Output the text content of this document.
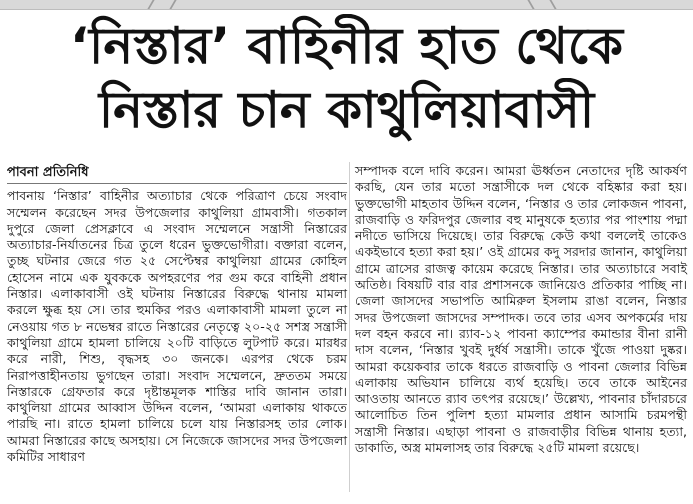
‘নিস্তার’ বাহিনীর হাত থেকে
নিস্তার চান কাথুলিয়াবাসী
পাবনা প্রতিনিধি

পাবনায় ‘নিস্তার’ বাহিনীর অত্যাচার থেকে পরিত্রাণ চেয়ে সংবাদ সম্মেলন করেছেন সদর উপজেলার কাথুলিয়া গ্রামবাসী। গতকাল দুপুরে জেলা প্রেসক্লাবে এ সংবাদ সম্মেলনে সন্ত্রাসী নিস্তারের অত্যাচার-নির্যাতনের চিত্র তুলে ধরেন ভুক্তভোগীরা। বক্তারা বলেন, তুচ্ছ ঘটনার জেরে গত ২৫ সেপ্টেম্বর কাথুলিয়া গ্রামের কোহিল হোসেন নামে এক যুবককে অপহরণের পর গুম করে বাহিনী প্রধান নিস্তার। এলাকাবাসী ওই ঘটনায় নিস্তারের বিরুদ্ধে থানায় মামলা করলে ক্ষুব্ধ হয় সে। তার হুমকির পরও এলাকাবাসী মামলা তুলে না নেওয়ায় গত ৮ নভেম্বর রাতে নিস্তারের নেতৃত্বে ২০-২৫ সশস্ত্র সন্ত্রাসী কাথুলিয়া গ্রামে হামলা চালিয়ে ২০টি বাড়িতে লুটপাট করে। মারধর করে নারী, শিশু, বৃদ্ধসহ ৩০ জনকে। এরপর থেকে চরম নিরাপত্তাহীনতায় ভুগছেন তারা। সংবাদ সম্মেলনে, দ্রুততম সময়ে নিস্তারকে গ্রেফতার করে দৃষ্টান্তমূলক শাস্তির দাবি জানান তারা। কাথুলিয়া গ্রামের আব্বাস উদ্দিন বলেন, ‘আমরা এলাকায় থাকতে পারছি না। রাতে হামলা চালিয়ে চলে যায় নিস্তারসহ তার লোক। আমরা নিস্তারের কাছে অসহায়। সে নিজেকে জাসদের সদর উপজেলা কমিটির সাধারণ

সম্পাদক বলে দাবি করেন। আমরা ঊর্ধ্বতন নেতাদের দৃষ্টি আকর্ষণ করছি, যেন তার মতো সন্ত্রাসীকে দল থেকে বহিষ্কার করা হয়। ভুক্তভোগী মাহতাব উদ্দিন বলেন, ‘নিস্তার ও তার লোকজন পাবনা, রাজবাড়ি ও ফরিদপুর জেলার বহু মানুষকে হত্যার পর পাংশায় পদ্মা নদীতে ভাসিয়ে দিয়েছে। তার বিরুদ্ধে কেউ কথা বললেই তাকেও একইভাবে হত্যা করা হয়।’ ওই গ্রামের কদু সরদার জানান, কাথুলিয়া গ্রামে ত্রাসের রাজত্ব কায়েম করেছে নিস্তার। তার অত্যাচারে সবাই অতিষ্ঠ। বিষয়টি বার বার প্রশাসনকে জানিয়েও প্রতিকার পাচ্ছি না। জেলা জাসদের সভাপতি আমিরুল ইসলাম রাঙা বলেন, নিস্তার সদর উপজেলা জাসদের সম্পাদক। তবে তার এসব অপকর্মের দায় দল বহন করবে না। র‍্যাব-১২ পাবনা ক্যাম্পের কমান্ডার বীনা রানী দাস বলেন, ‘নিস্তার খুবই দুর্ধর্ষ সন্ত্রাসী। তাকে খুঁজে পাওয়া দুষ্কর। আমরা কয়েকবার তাকে ধরতে রাজবাড়ি ও পাবনা জেলার বিভিন্ন এলাকায় অভিযান চালিয়ে ব্যর্থ হয়েছি। তবে তাকে আইনের আওতায় আনতে র‍্যাব তৎপর রয়েছে।’ উল্লেখ্য, পাবনার চাঁদারচরে আলোচিত তিন পুলিশ হত্যা মামলার প্রধান আসামি চরমপন্থী সন্ত্রাসী নিস্তার। এছাড়া পাবনা ও রাজবাড়ীর বিভিন্ন থানায় হত্যা, ডাকাতি, অস্ত্র মামলাসহ তার বিরুদ্ধে ২৫টি মামলা রয়েছে।
